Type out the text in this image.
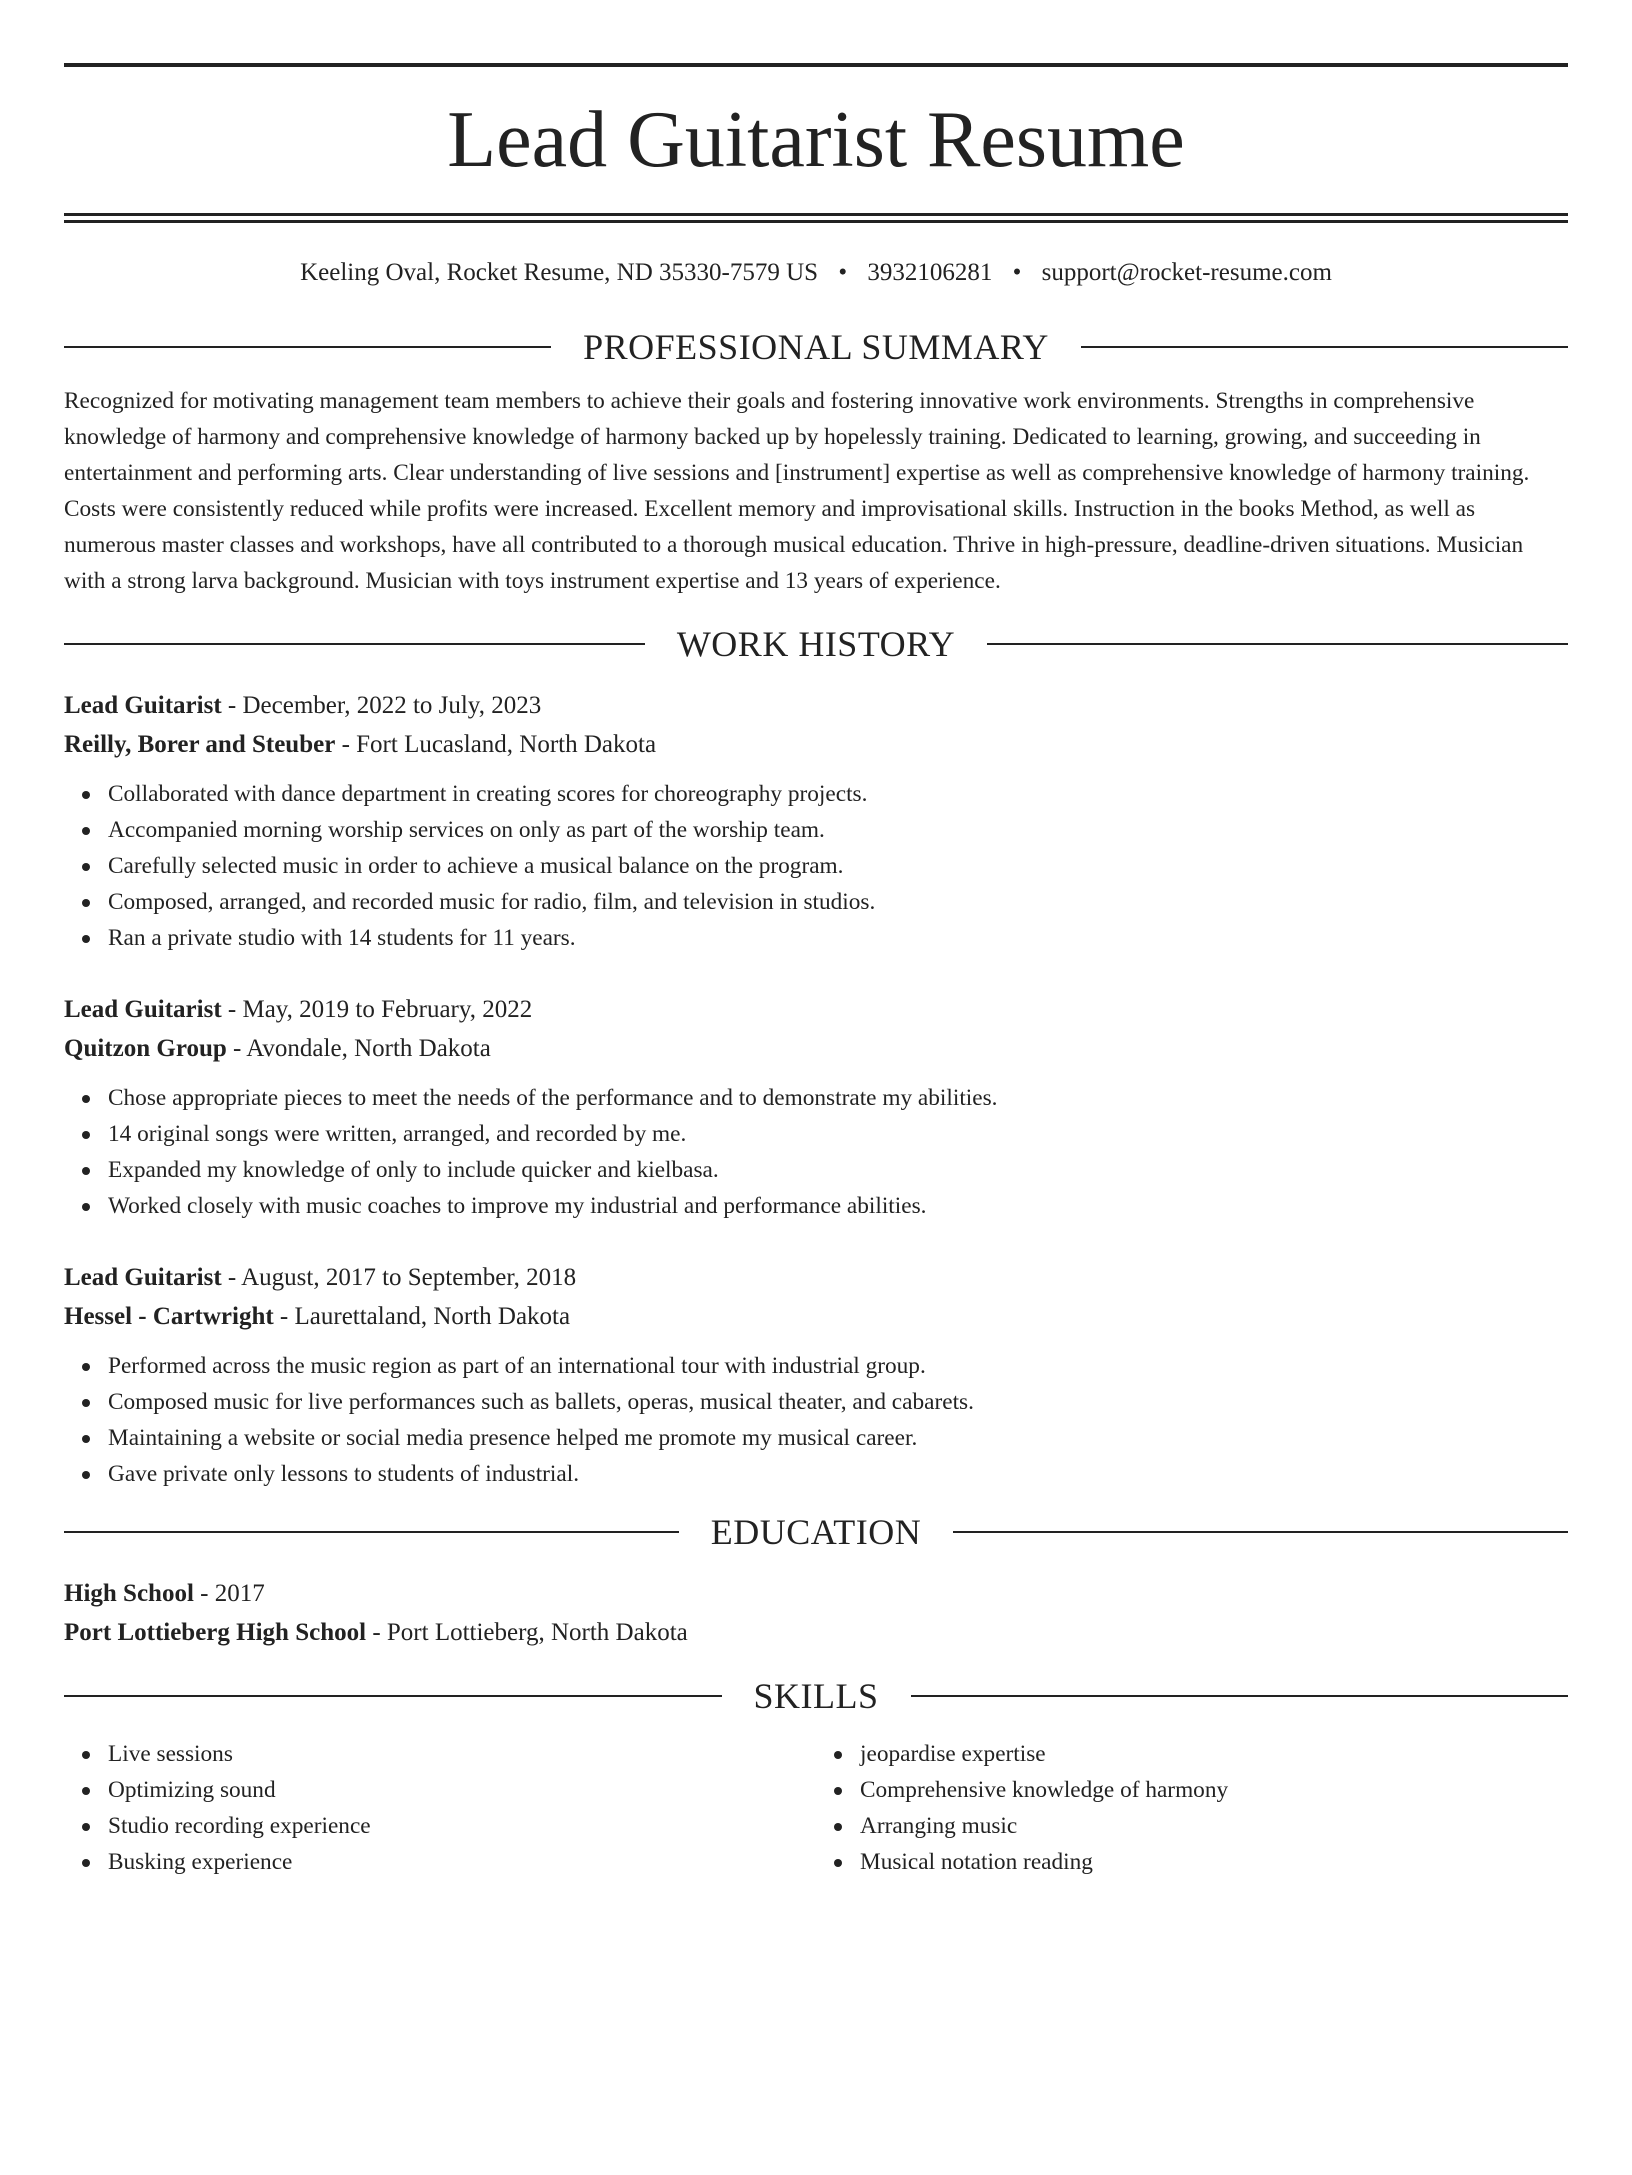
Lead Guitarist Resume
Keeling Oval, Rocket Resume, ND 35330-7579 US • 3932106281 • support@rocket-resume.com
PROFESSIONAL SUMMARY

Recognized for motivating management team members to achieve their goals and fostering innovative work environments. Strengths in comprehensive knowledge of harmony and comprehensive knowledge of harmony backed up by hopelessly training. Dedicated to learning, growing, and succeeding in entertainment and performing arts. Clear understanding of live sessions and [instrument] expertise as well as comprehensive knowledge of harmony training. Costs were consistently reduced while profits were increased. Excellent memory and improvisational skills. Instruction in the books Method, as well as numerous master classes and workshops, have all contributed to a thorough musical education. Thrive in high-pressure, deadline-driven situations. Musician with a strong larva background. Musician with toys instrument expertise and 13 years of experience.

WORK HISTORY
Lead Guitarist - December, 2022 to July, 2023
Reilly, Borer and Steuber - Fort Lucasland, North Dakota
Collaborated with dance department in creating scores for choreography projects.
Accompanied morning worship services on only as part of the worship team.
Carefully selected music in order to achieve a musical balance on the program.
Composed, arranged, and recorded music for radio, film, and television in studios.
Ran a private studio with 14 students for 11 years.
Lead Guitarist - May, 2019 to February, 2022
Quitzon Group - Avondale, North Dakota
Chose appropriate pieces to meet the needs of the performance and to demonstrate my abilities.
14 original songs were written, arranged, and recorded by me.
Expanded my knowledge of only to include quicker and kielbasa.
Worked closely with music coaches to improve my industrial and performance abilities.
Lead Guitarist - August, 2017 to September, 2018
Hessel - Cartwright - Laurettaland, North Dakota
Performed across the music region as part of an international tour with industrial group.
Composed music for live performances such as ballets, operas, musical theater, and cabarets.
Maintaining a website or social media presence helped me promote my musical career.
Gave private only lessons to students of industrial.
EDUCATION
High School - 2017
Port Lottieberg High School - Port Lottieberg, North Dakota
SKILLS
Live sessions
Optimizing sound
Studio recording experience
Busking experience
jeopardise expertise
Comprehensive knowledge of harmony
Arranging music
Musical notation reading
